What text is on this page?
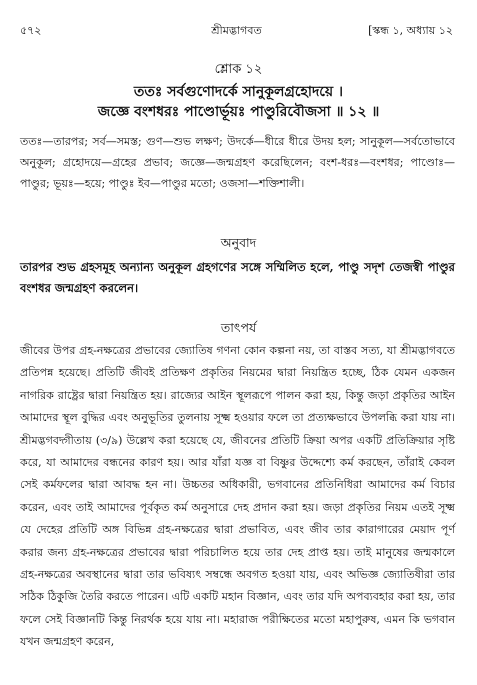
৫৭২	শ্রীমদ্ভাগবত	[স্কন্ধ ১, অধ্যায় ১২
শ্লোক ১২
ততঃ সর্বগুণোদর্কে সানুকূলগ্রহোদয়ে ।
জজ্ঞে বংশধরঃ পাণ্ডোর্ভূয়ঃ পাণ্ডুরিবৌজসা ॥ ১২ ॥
ততঃ—তারপর; সর্ব—সমস্ত; গুণ—শুভ লক্ষণ; উদর্কে—ধীরে ধীরে উদয় হল; সানুকূল—সর্বতোভাবে অনুকূল; গ্রহোদয়ে—গ্রহের প্রভাব; জজ্ঞে—জন্মগ্রহণ করেছিলেন; বংশ-ধরঃ—বংশধর; পাণ্ডোঃ—পাণ্ডুর; ভূয়ঃ—হয়ে; পাণ্ডুঃ ইব—পাণ্ডুর মতো; ওজসা—শক্তিশালী।
অনুবাদ
তারপর শুভ গ্রহসমূহ অন্যান্য অনুকূল গ্রহগণের সঙ্গে সম্মিলিত হলে, পাণ্ডু সদৃশ তেজস্বী পাণ্ডুর বংশধর জন্মগ্রহণ করলেন।
তাৎপর্য

জীবের উপর গ্রহ-নক্ষত্রের প্রভাবের জ্যোতিষ গণনা কোন কল্পনা নয়, তা বাস্তব সত্য, যা শ্রীমদ্ভাগবতে প্রতিপন্ন হয়েছে। প্রতিটি জীবই প্রতিক্ষণ প্রকৃতির নিয়মের দ্বারা নিয়ন্ত্রিত হচ্ছে, ঠিক যেমন একজন নাগরিক রাষ্ট্রের দ্বারা নিয়ন্ত্রিত হয়। রাজ্যের আইন স্থূলরূপে পালন করা হয়, কিন্তু জড়া প্রকৃতির আইন আমাদের স্থূল বুদ্ধির এবং অনুভূতির তুলনায় সূক্ষ্ম হওয়ার ফলে তা প্রত্যক্ষভাবে উপলব্ধি করা যায় না। শ্রীমদ্ভগবদ্গীতায় (৩/৯) উল্লেখ করা হয়েছে যে, জীবনের প্রতিটি ক্রিয়া অপর একটি প্রতিক্রিয়ার সৃষ্টি করে, যা আমাদের বন্ধনের কারণ হয়। আর যাঁরা যজ্ঞ বা বিষ্ণুর উদ্দেশ্যে কর্ম করছেন, তাঁরাই কেবল সেই কর্মফলের দ্বারা আবদ্ধ হন না। উচ্চতর অধিকারী, ভগবানের প্রতিনিধিরা আমাদের কর্ম বিচার করেন, এবং তাই আমাদের পূর্বকৃত কর্ম অনুসারে দেহ প্রদান করা হয়। জড়া প্রকৃতির নিয়ম এতই সূক্ষ্ম যে দেহের প্রতিটি অঙ্গ বিভিন্ন গ্রহ-নক্ষত্রের দ্বারা প্রভাবিত, এবং জীব তার কারাগারের মেয়াদ পূর্ণ করার জন্য গ্রহ-নক্ষত্রের প্রভাবের দ্বারা পরিচালিত হয়ে তার দেহ প্রাপ্ত হয়। তাই মানুষের জন্মকালে গ্রহ-নক্ষত্রের অবস্থানের দ্বারা তার ভবিষ্যৎ সম্বন্ধে অবগত হওয়া যায়, এবং অভিজ্ঞ জ্যোতিষীরা তার সঠিক ঠিকুজি তৈরি করতে পারেন। এটি একটি মহান বিজ্ঞান, এবং তার যদি অপব্যবহার করা হয়, তার ফলে সেই বিজ্ঞানটি কিন্তু নিরর্থক হয়ে যায় না। মহারাজ পরীক্ষিতের মতো মহাপুরুষ, এমন কি ভগবান যখন জন্মগ্রহণ করেন,
